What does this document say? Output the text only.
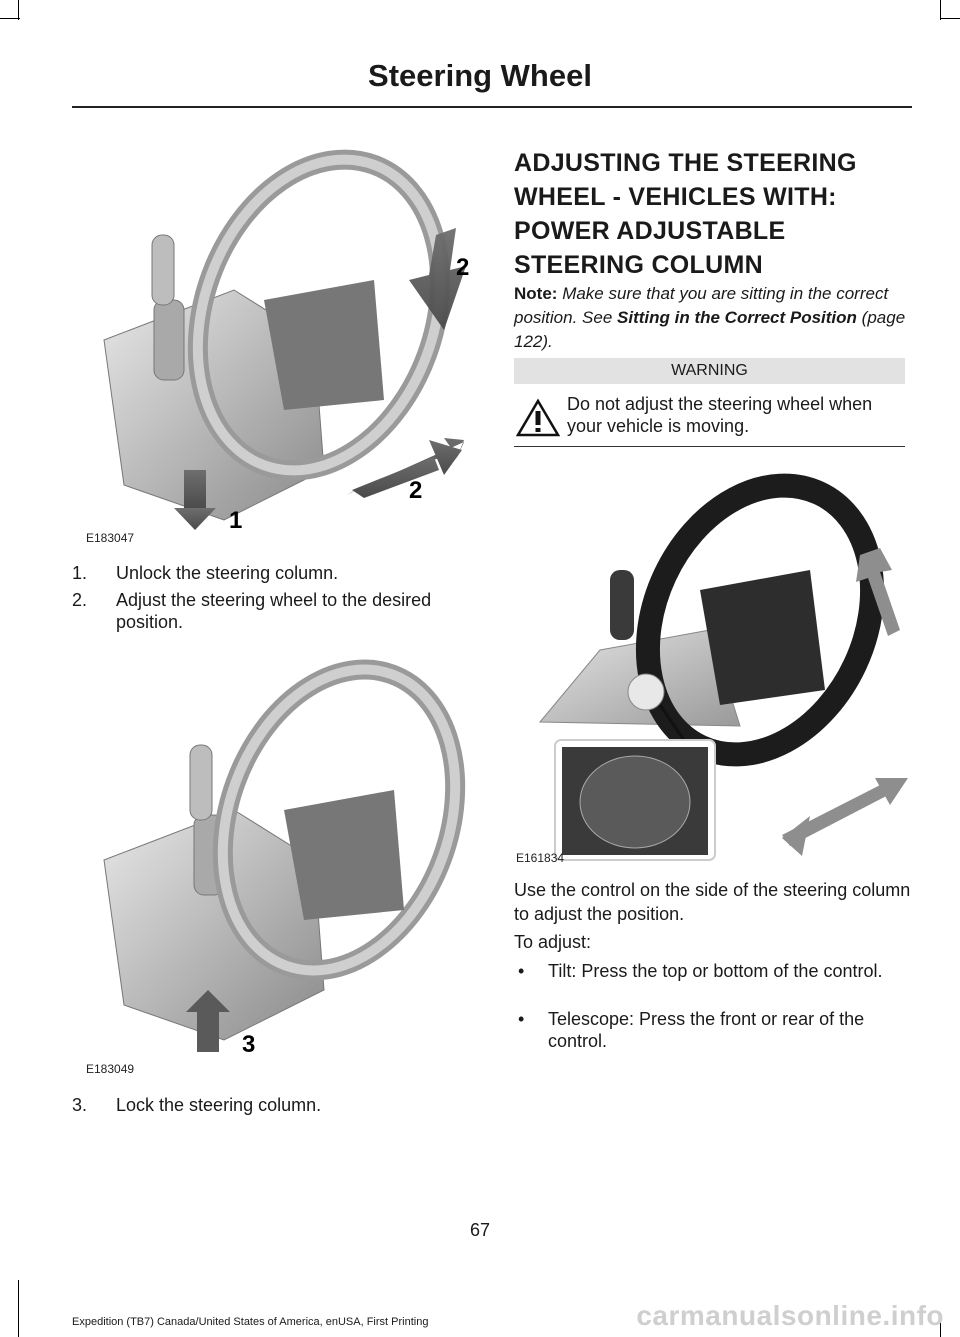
Steering Wheel
2
2
1
E183047
1. Unlock the steering column.
2. Adjust the steering wheel to the desired
position.
3
E183049
3. Lock the steering column.
ADJUSTING THE STEERING
WHEEL - VEHICLES WITH:
POWER ADJUSTABLE
STEERING COLUMN
Note: Make sure that you are sitting in the correct position. See Sitting in the Correct Position (page 122).
WARNING
Do not adjust the steering wheel when your vehicle is moving.
E161834
Use the control on the side of the steering column to adjust the position.
To adjust:
• Tilt: Press the top or bottom of the control.
• Telescope: Press the front or rear of the control.
67
Expedition (TB7) Canada/United States of America, enUSA, First Printing	carmanualsonline.info
